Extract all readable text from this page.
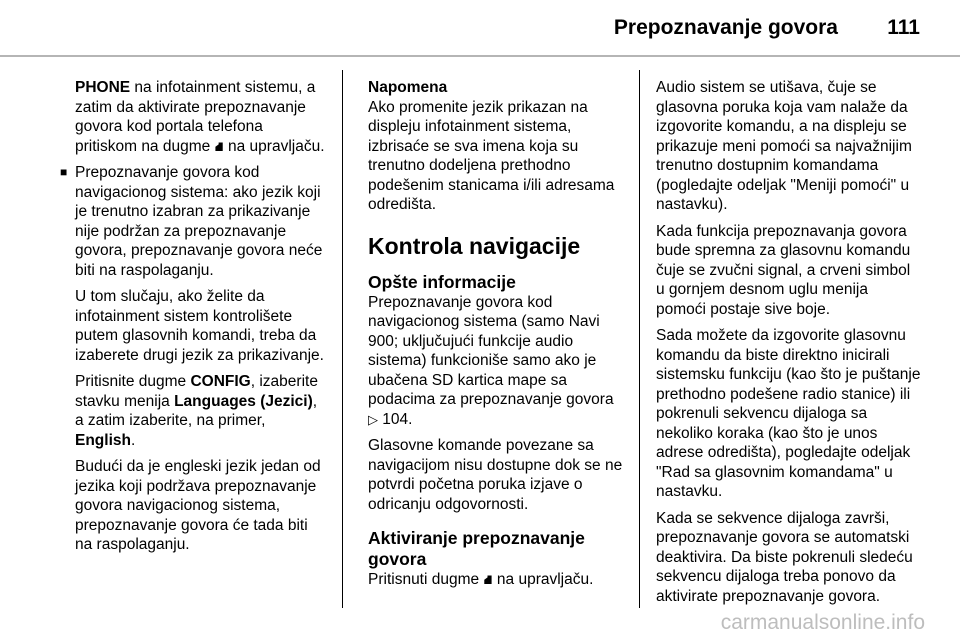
Prepoznavanje govora 111

PHONE na infotainment sistemu, a zatim da aktivirate prepoznavanje govora kod portala telefona pritiskom na dugme ⛘ na upravljaču.

■ Prepoznavanje govora kod navigacionog sistema: ako jezik koji je trenutno izabran za prikazivanje nije podržan za prepoznavanje govora, prepoznavanje govora neće biti na raspolaganju.

U tom slučaju, ako želite da infotainment sistem kontrolišete putem glasovnih komandi, treba da izaberete drugi jezik za prikazivanje.

Pritisnite dugme CONFIG, izaberite stavku menija Languages (Jezici), a zatim izaberite, na primer, English.

Budući da je engleski jezik jedan od jezika koji podržava prepoznavanje govora navigacionog sistema, prepoznavanje govora će tada biti na raspolaganju.

Napomena

Ako promenite jezik prikazan na displeju infotainment sistema, izbrisaće se sva imena koja su trenutno dodeljena prethodno podešenim stanicama i/ili adresama odredišta.

Kontrola navigacije
Opšte informacije

Prepoznavanje govora kod navigacionog sistema (samo Navi 900; uključujući funkcije audio sistema) funkcioniše samo ako je ubačena SD kartica mape sa podacima za prepoznavanje govora ▷ 104.

Glasovne komande povezane sa navigacijom nisu dostupne dok se ne potvrdi početna poruka izjave o odricanju odgovornosti.

Aktiviranje prepoznavanje govora

Pritisnuti dugme ⛘ na upravljaču.

Audio sistem se utišava, čuje se glasovna poruka koja vam nalaže da izgovorite komandu, a na displeju se prikazuje meni pomoći sa najvažnijim trenutno dostupnim komandama (pogledajte odeljak "Meniji pomoći" u nastavku).

Kada funkcija prepoznavanja govora bude spremna za glasovnu komandu čuje se zvučni signal, a crveni simbol u gornjem desnom uglu menija pomoći postaje sive boje.

Sada možete da izgovorite glasovnu komandu da biste direktno inicirali sistemsku funkciju (kao što je puštanje prethodno podešene radio stanice) ili pokrenuli sekvencu dijaloga sa nekoliko koraka (kao što je unos adrese odredišta), pogledajte odeljak "Rad sa glasovnim komandama" u nastavku.

Kada se sekvence dijaloga završi, prepoznavanje govora se automatski deaktivira. Da biste pokrenuli sledeću sekvencu dijaloga treba ponovo da aktivirate prepoznavanje govora.

carmanualsonline.info
